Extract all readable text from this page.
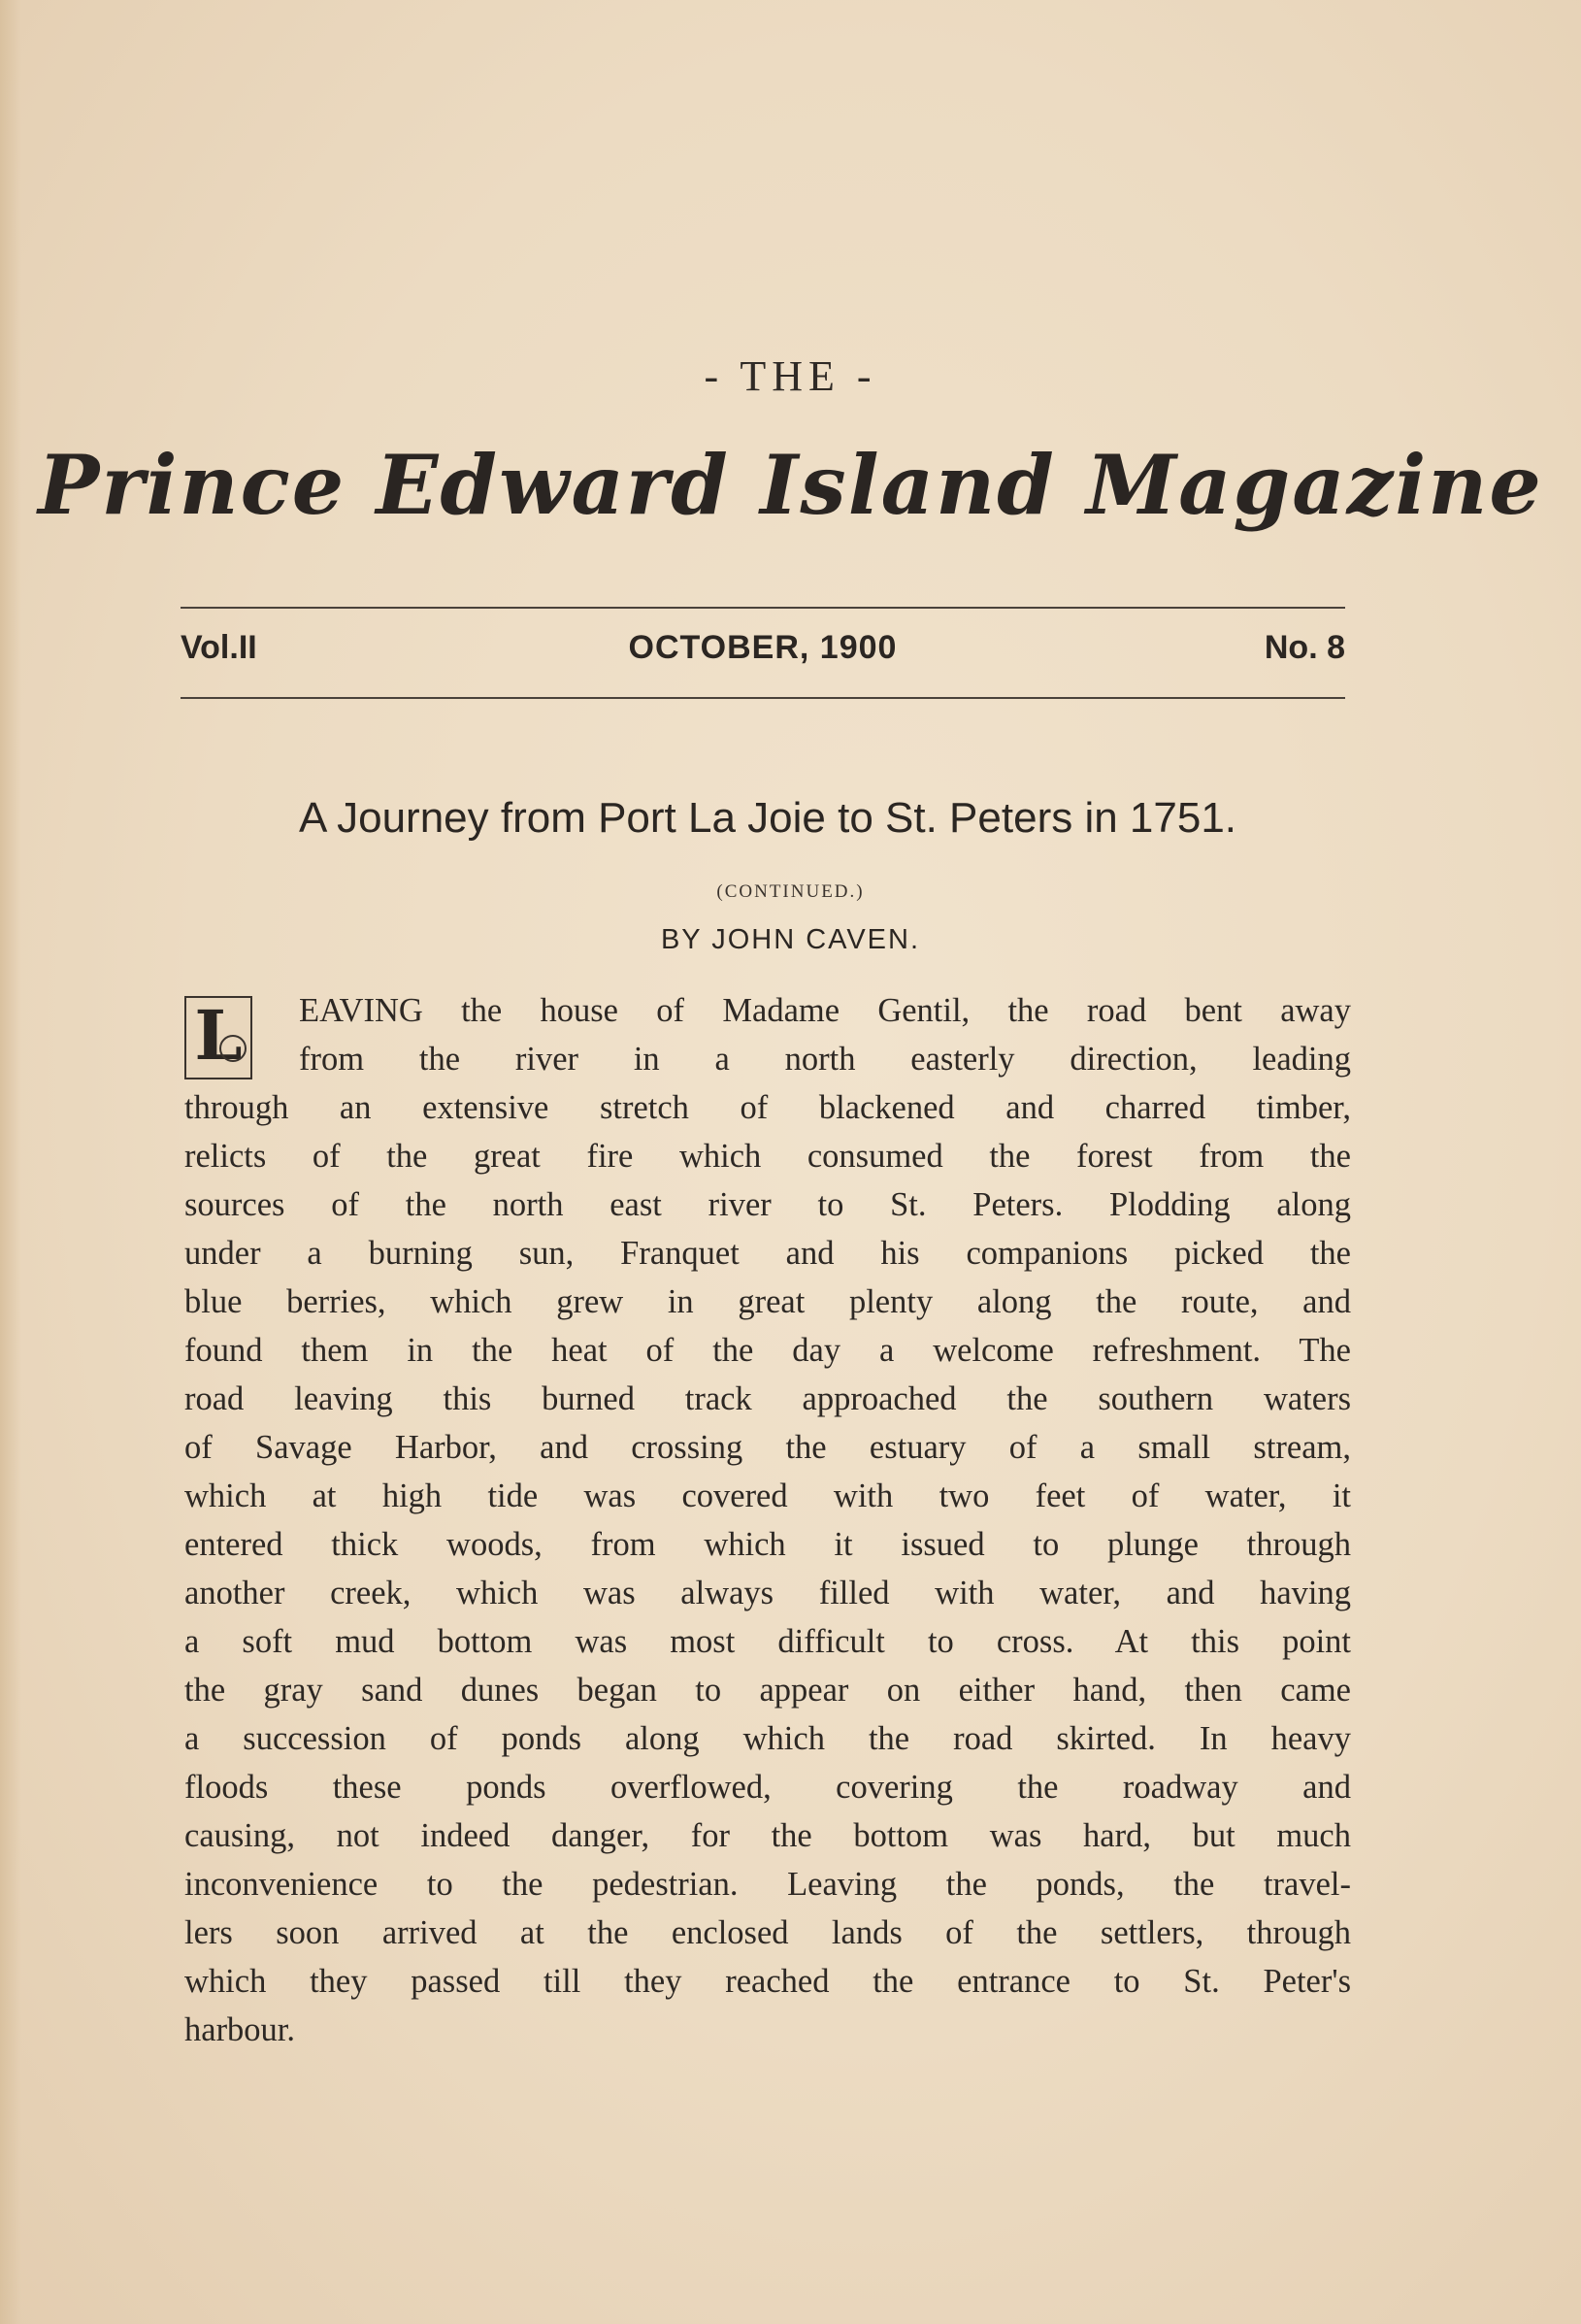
- THE -
Prince Edward Island Magazine
Vol.II	OCTOBER, 1900	No. 8
A Journey from Port La Joie to St. Peters in 1751.
(CONTINUED.)
BY JOHN CAVEN.
L	EAVING the house of Madame Gentil, the road bent away
from the river in a north easterly direction, leading
through an extensive stretch of blackened and charred timber,
relicts of the great fire which consumed the forest from the
sources of the north east river to St. Peters. Plodding along
under a burning sun, Franquet and his companions picked the
blue berries, which grew in great plenty along the route, and
found them in the heat of the day a welcome refreshment. The
road leaving this burned track approached the southern waters
of Savage Harbor, and crossing the estuary of a small stream,
which at high tide was covered with two feet of water, it
entered thick woods, from which it issued to plunge through
another creek, which was always filled with water, and having
a soft mud bottom was most difficult to cross. At this point
the gray sand dunes began to appear on either hand, then came
a succession of ponds along which the road skirted. In heavy
floods these ponds overflowed, covering the roadway and
causing, not indeed danger, for the bottom was hard, but much
inconvenience to the pedestrian. Leaving the ponds, the travel-
lers soon arrived at the enclosed lands of the settlers, through
which they passed till they reached the entrance to St. Peter's
harbour.
